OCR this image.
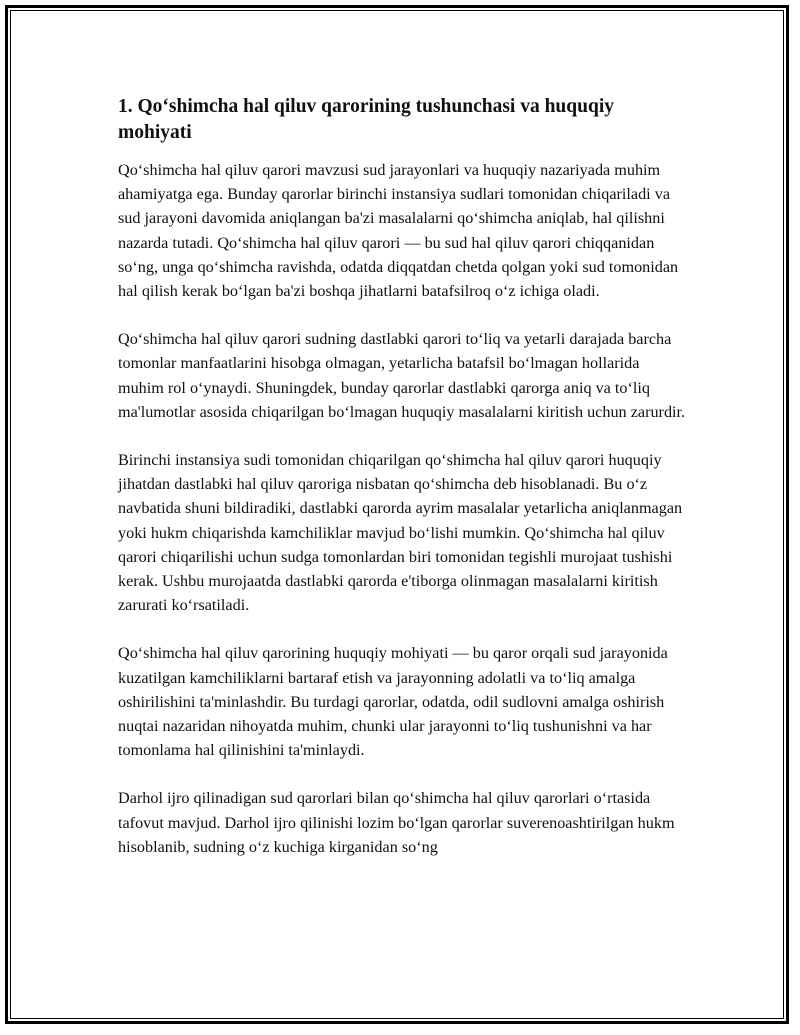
1. Qo‘shimcha hal qiluv qarorining tushunchasi va huquqiy mohiyati

Qo‘shimcha hal qiluv qarori mavzusi sud jarayonlari va huquqiy nazariyada muhim ahamiyatga ega. Bunday qarorlar birinchi instansiya sudlari tomonidan chiqariladi va sud jarayoni davomida aniqlangan ba'zi masalalarni qo‘shimcha aniqlab, hal qilishni nazarda tutadi. Qo‘shimcha hal qiluv qarori — bu sud hal qiluv qarori chiqqanidan so‘ng, unga qo‘shimcha ravishda, odatda diqqatdan chetda qolgan yoki sud tomonidan hal qilish kerak bo‘lgan ba'zi boshqa jihatlarni batafsilroq o‘z ichiga oladi.

Qo‘shimcha hal qiluv qarori sudning dastlabki qarori to‘liq va yetarli darajada barcha tomonlar manfaatlarini hisobga olmagan, yetarlicha batafsil bo‘lmagan hollarida muhim rol o‘ynaydi. Shuningdek, bunday qarorlar dastlabki qarorga aniq va to‘liq ma'lumotlar asosida chiqarilgan bo‘lmagan huquqiy masalalarni kiritish uchun zarurdir.

Birinchi instansiya sudi tomonidan chiqarilgan qo‘shimcha hal qiluv qarori huquqiy jihatdan dastlabki hal qiluv qaroriga nisbatan qo‘shimcha deb hisoblanadi. Bu o‘z navbatida shuni bildiradiki, dastlabki qarorda ayrim masalalar yetarlicha aniqlanmagan yoki hukm chiqarishda kamchiliklar mavjud bo‘lishi mumkin. Qo‘shimcha hal qiluv qarori chiqarilishi uchun sudga tomonlardan biri tomonidan tegishli murojaat tushishi kerak. Ushbu murojaatda dastlabki qarorda e'tiborga olinmagan masalalarni kiritish zarurati ko‘rsatiladi.

Qo‘shimcha hal qiluv qarorining huquqiy mohiyati — bu qaror orqali sud jarayonida kuzatilgan kamchiliklarni bartaraf etish va jarayonning adolatli va to‘liq amalga oshirilishini ta'minlashdir. Bu turdagi qarorlar, odatda, odil sudlovni amalga oshirish nuqtai nazaridan nihoyatda muhim, chunki ular jarayonni to‘liq tushunishni va har tomonlama hal qilinishini ta'minlaydi.

Darhol ijro qilinadigan sud qarorlari bilan qo‘shimcha hal qiluv qarorlari o‘rtasida tafovut mavjud. Darhol ijro qilinishi lozim bo‘lgan qarorlar suverenoashtirilgan hukm hisoblanib, sudning o‘z kuchiga kirganidan so‘ng
